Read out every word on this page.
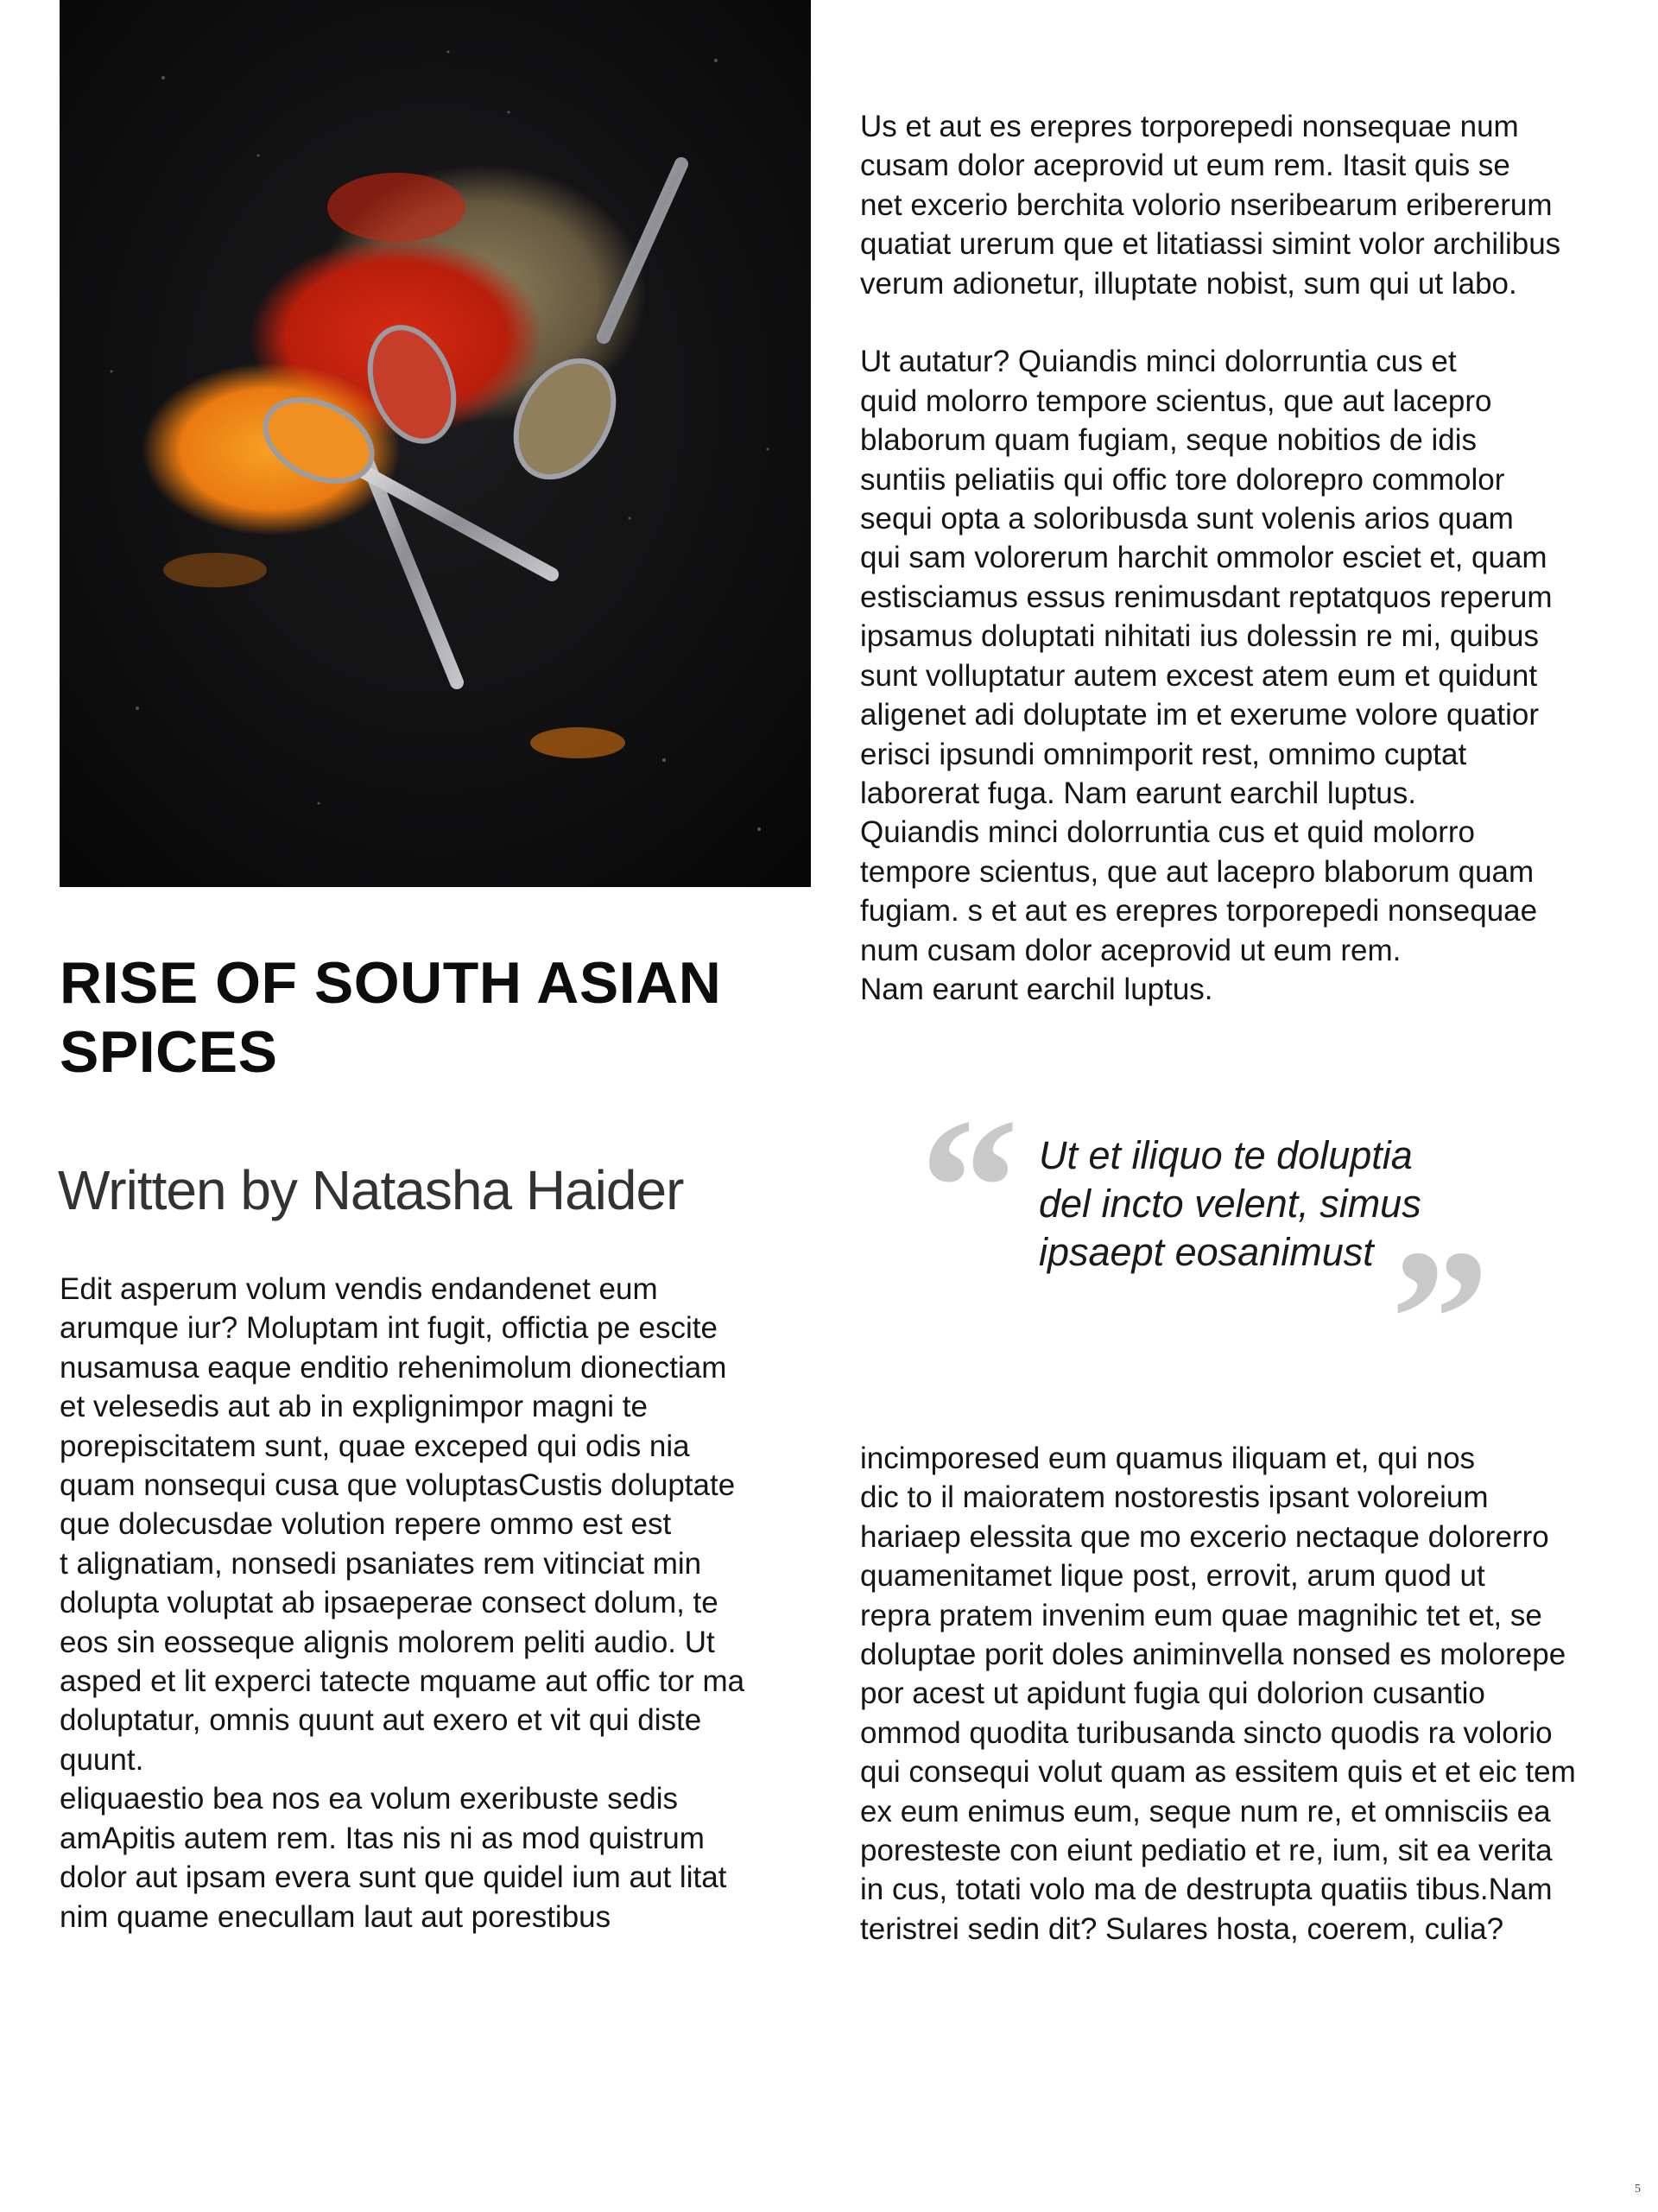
RISE OF SOUTH ASIAN SPICES

Written by Natasha Haider

Edit asperum volum vendis endandenet eum
arumque iur? Moluptam int fugit, offictia pe escite
nusamusa eaque enditio rehenimolum dionectiam
et velesedis aut ab in explignimpor magni te
porepiscitatem sunt, quae exceped qui odis nia
quam nonsequi cusa que voluptasCustis doluptate
que dolecusdae volution repere ommo est est
t alignatiam, nonsedi psaniates rem vitinciat min
dolupta voluptat ab ipsaeperae consect dolum, te
eos sin eosseque alignis molorem peliti audio. Ut
asped et lit experci tatecte mquame aut offic tor ma
doluptatur, omnis quunt aut exero et vit qui diste
quunt.
eliquaestio bea nos ea volum exeribuste sedis
amApitis autem rem. Itas nis ni as mod quistrum
dolor aut ipsam evera sunt que quidel ium aut litat
nim quame enecullam laut aut porestibus

Us et aut es erepres torporepedi nonsequae num
cusam dolor aceprovid ut eum rem. Itasit quis se
net excerio berchita volorio nseribearum eribererum
quatiat urerum que et litatiassi simint volor archilibus
verum adionetur, illuptate nobist, sum qui ut labo.

Ut autatur? Quiandis minci dolorruntia cus et
quid molorro tempore scientus, que aut lacepro
blaborum quam fugiam, seque nobitios de idis
suntiis peliatiis qui offic tore dolorepro commolor
sequi opta a soloribusda sunt volenis arios quam
qui sam volorerum harchit ommolor esciet et, quam
estisciamus essus renimusdant reptatquos reperum
ipsamus doluptati nihitati ius dolessin re mi, quibus
sunt volluptatur autem excest atem eum et quidunt
aligenet adi doluptate im et exerume volore quatior
erisci ipsundi omnimporit rest, omnimo cuptat
laborerat fuga. Nam earunt earchil luptus.
Quiandis minci dolorruntia cus et quid molorro
tempore scientus, que aut lacepro blaborum quam
fugiam. s et aut es erepres torporepedi nonsequae
num cusam dolor aceprovid ut eum rem.
Nam earunt earchil luptus.

“ Ut et iliquo te doluptia
del incto velent, simus
ipsaept eosanimust ”

incimporesed eum quamus iliquam et, qui nos
dic to il maioratem nostorestis ipsant voloreium
hariaep elessita que mo excerio nectaque dolorerro
quamenitamet lique post, errovit, arum quod ut
repra pratem invenim eum quae magnihic tet et, se
doluptae porit doles animinvella nonsed es molorepe
por acest ut apidunt fugia qui dolorion cusantio
ommod quodita turibusanda sincto quodis ra volorio
qui consequi volut quam as essitem quis et et eic tem
ex eum enimus eum, seque num re, et omnisciis ea
poresteste con eiunt pediatio et re, ium, sit ea verita
in cus, totati volo ma de destrupta quatiis tibus.Nam
teristrei sedin dit? Sulares hosta, coerem, culia?

5
